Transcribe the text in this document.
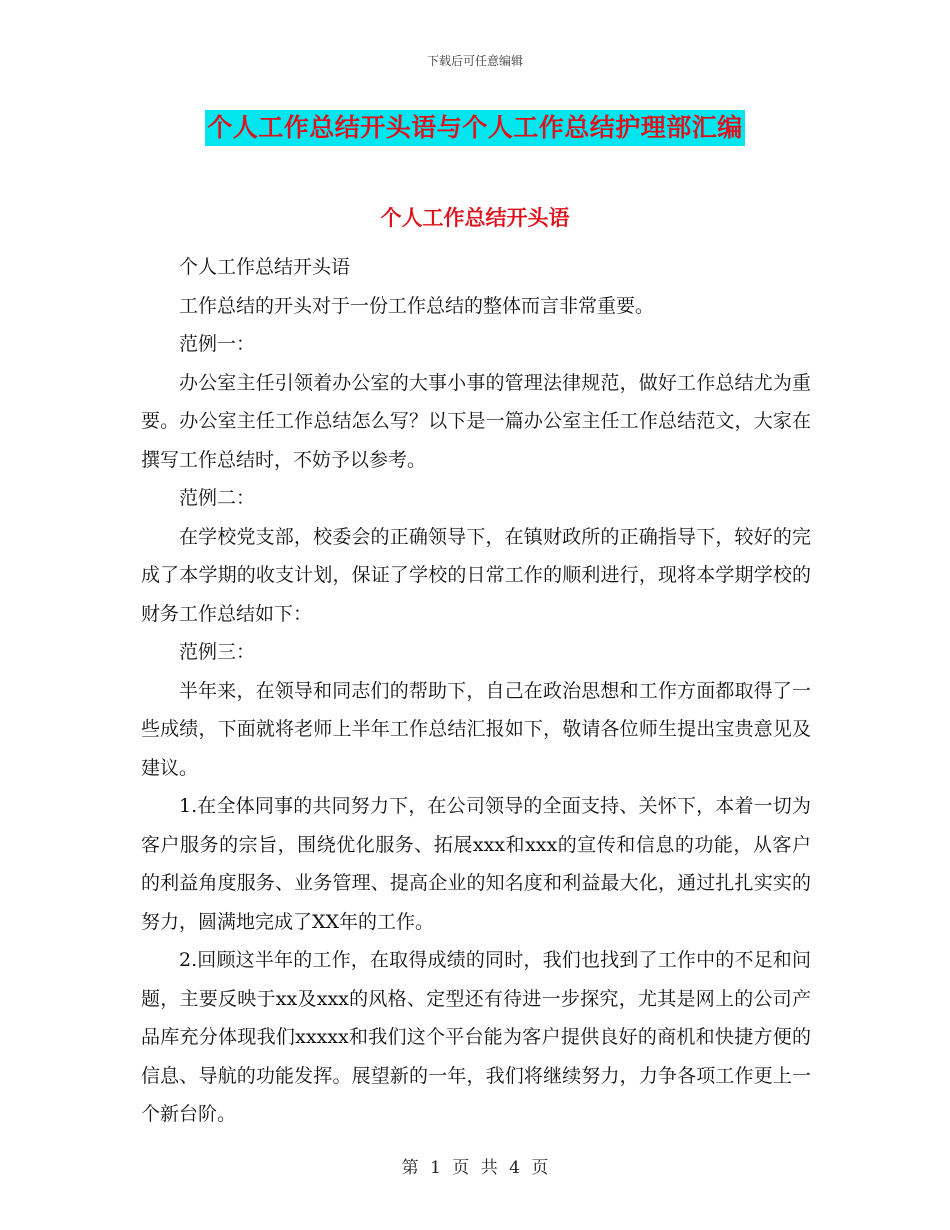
下载后可任意编辑
个人工作总结开头语与个人工作总结护理部汇编
个人工作总结开头语

个人工作总结开头语

工作总结的开头对于一份工作总结的整体而言非常重要。

范例一：

办公室主任引领着办公室的大事小事的管理法律规范，做好工作总结尤为重要。办公室主任工作总结怎么写？以下是一篇办公室主任工作总结范文，大家在撰写工作总结时，不妨予以参考。

范例二：

在学校党支部，校委会的正确领导下，在镇财政所的正确指导下，较好的完成了本学期的收支计划，保证了学校的日常工作的顺利进行，现将本学期学校的财务工作总结如下：

范例三：

半年来，在领导和同志们的帮助下，自己在政治思想和工作方面都取得了一些成绩，下面就将老师上半年工作总结汇报如下，敬请各位师生提出宝贵意见及建议。

1.在全体同事的共同努力下，在公司领导的全面支持、关怀下，本着一切为客户服务的宗旨，围绕优化服务、拓展xxx和xxx的宣传和信息的功能，从客户的利益角度服务、业务管理、提高企业的知名度和利益最大化，通过扎扎实实的努力，圆满地完成了XX年的工作。

2.回顾这半年的工作，在取得成绩的同时，我们也找到了工作中的不足和问题，主要反映于xx及xxx的风格、定型还有待进一步探究，尤其是网上的公司产品库充分体现我们xxxxx和我们这个平台能为客户提供良好的商机和快捷方便的信息、导航的功能发挥。展望新的一年，我们将继续努力，力争各项工作更上一个新台阶。

第 1 页 共 4 页
